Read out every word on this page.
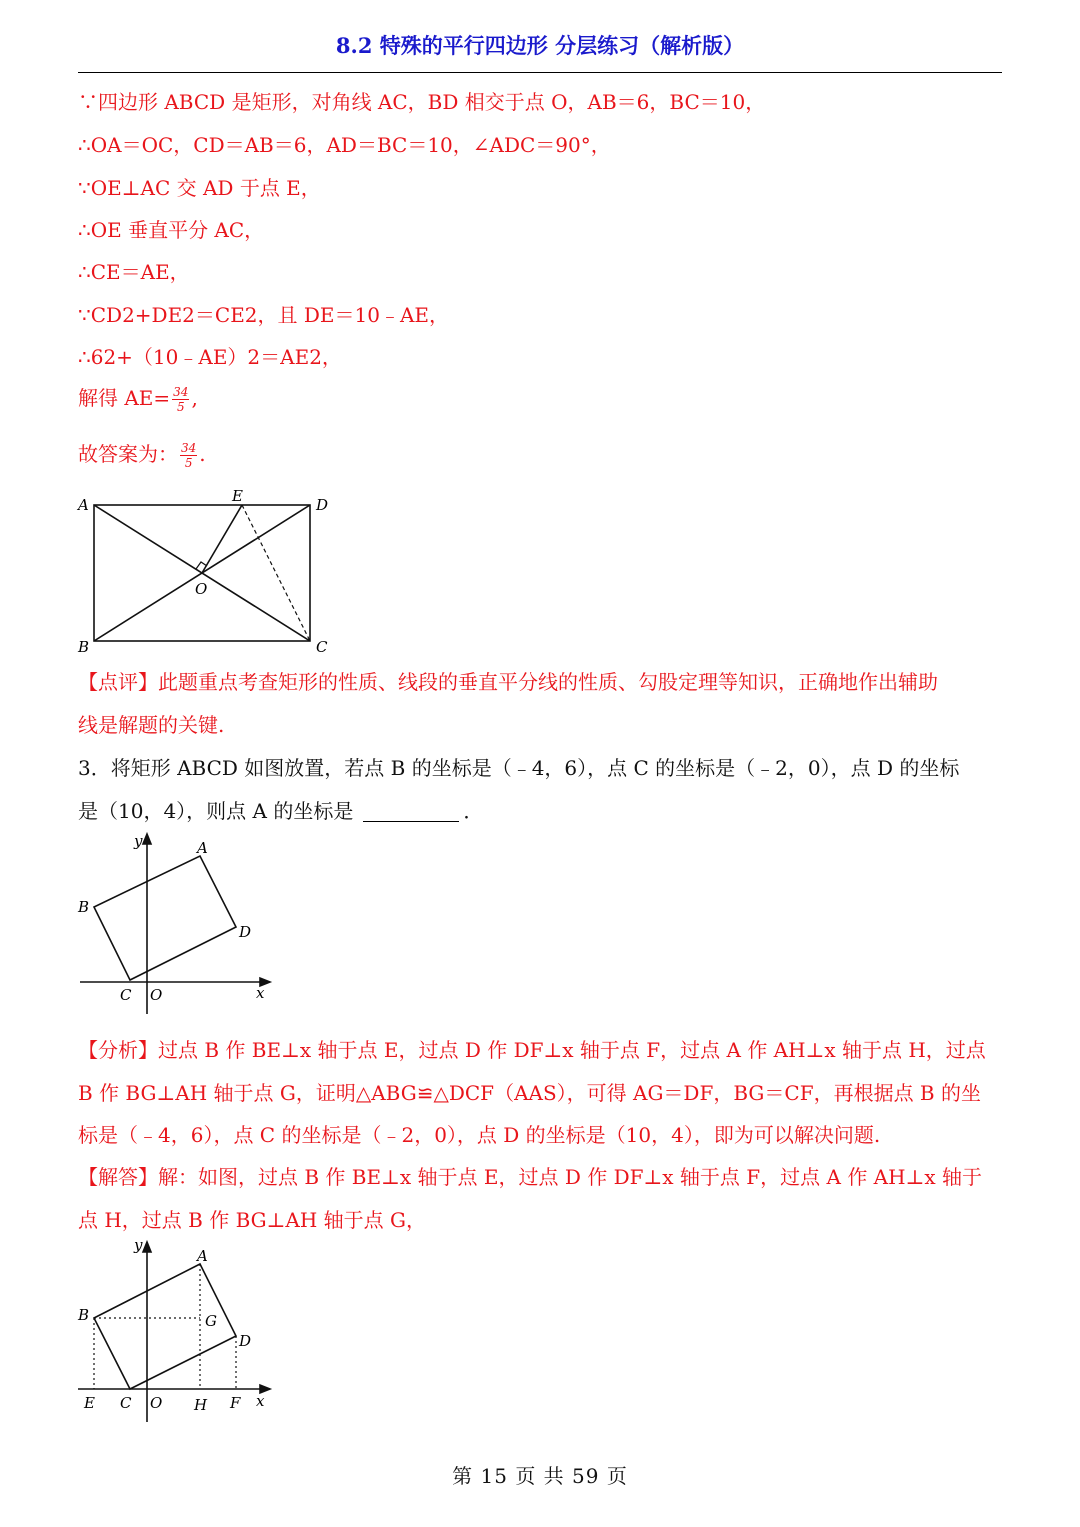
8.2 特殊的平行四边形 分层练习（解析版）
∵四边形 ABCD 是矩形，对角线 AC，BD 相交于点 O，AB＝6，BC＝10，
∴OA＝OC，CD＝AB＝6，AD＝BC＝10，∠ADC＝90°，
∵OE⊥AC 交 AD 于点 E，
∴OE 垂直平分 AC，
∴CE＝AE，
∵CD2+DE2＝CE2，且 DE＝10﹣AE，
∴62+（10﹣AE）2＝AE2，
解得 $AE= \frac{34}{5}$ ,
故答案为： $\frac{34}{5}$ .
A
B	C
D
E
O
【点评】此题重点考查矩形的性质、线段的垂直平分线的性质、勾股定理等知识，正确地作出辅助
线是解题的关键.
3．将矩形 ABCD 如图放置，若点 B 的坐标是（﹣4，6），点 C 的坐标是（﹣2，0），点 D 的坐标
是（10，4），则点 A 的坐标是	．
y	A
B
D
C O	x
【分析】过点 B 作 BE⊥x 轴于点 E，过点 D 作 DF⊥x 轴于点 F，过点 A 作 AH⊥x 轴于点 H，过点
B 作 BG⊥AH 轴于点 G，证明△ABG≌△DCF（AAS），可得 AG＝DF，BG＝CF，再根据点 B 的坐
标是（﹣4，6），点 C 的坐标是（﹣2，0），点 D 的坐标是（10，4），即为可以解决问题.
【解答】解：如图，过点 B 作 BE⊥x 轴于点 E，过点 D 作 DF⊥x 轴于点 F，过点 A 作 AH⊥x 轴于
点 H，过点 B 作 BG⊥AH 轴于点 G，
y
A
B	G
D
E C O H F x
第 15 页 共 59 页
